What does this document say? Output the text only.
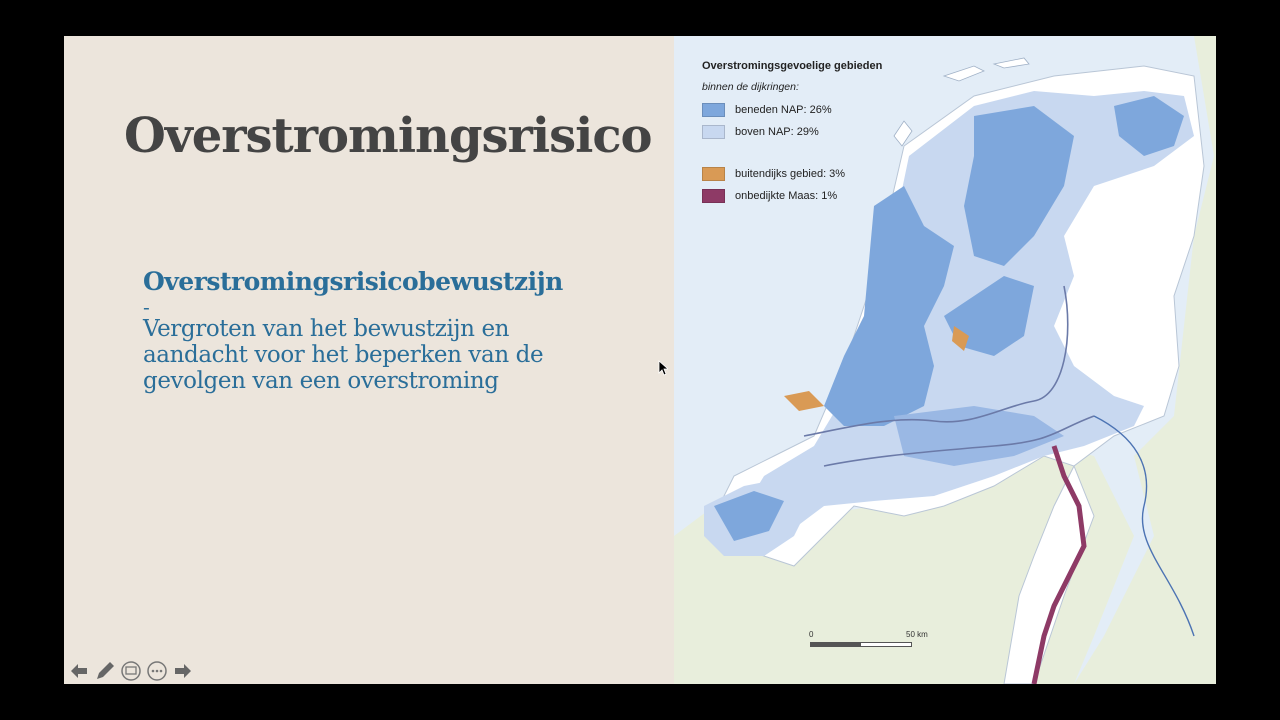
Overstromingsrisico
Overstromingsrisicobewustzijn
-
Vergroten van het bewustzijn en aandacht voor het beperken van de gevolgen van een overstroming
Overstromingsgevoelige gebieden
binnen de dijkringen:
beneden NAP: 26%
boven NAP: 29%
buitendijks gebied: 3%
onbedijkte Maas: 1%
0	50 km
